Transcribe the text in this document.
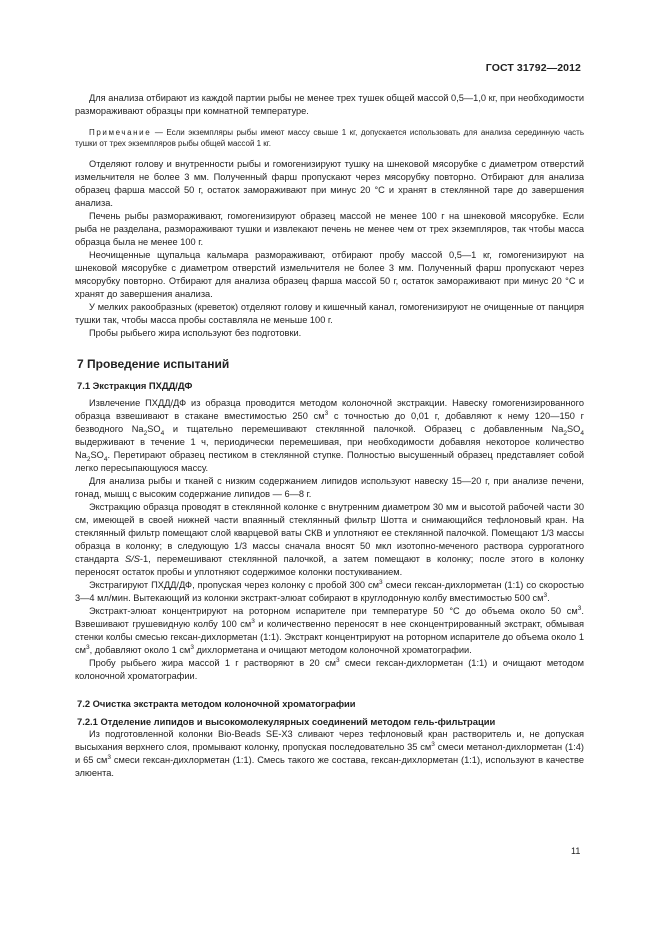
ГОСТ 31792—2012

Для анализа отбирают из каждой партии рыбы не менее трех тушек общей массой 0,5—1,0 кг, при необходимости размораживают образцы при комнатной температуре.

Примечание — Если экземпляры рыбы имеют массу свыше 1 кг, допускается использовать для анализа серединную часть тушки от трех экземпляров рыбы общей массой 1 кг.

Отделяют голову и внутренности рыбы и гомогенизируют тушку на шнековой мясорубке с диаметром отверстий измельчителя не более 3 мм. Полученный фарш пропускают через мясорубку повторно. Отбирают для анализа образец фарша массой 50 г, остаток замораживают при минус 20 °С и хранят в стеклянной таре до завершения анализа.

Печень рыбы размораживают, гомогенизируют образец массой не менее 100 г на шнековой мясорубке. Если рыба не разделана, размораживают тушки и извлекают печень не менее чем от трех экземпляров, так чтобы масса образца была не менее 100 г.

Неочищенные щупальца кальмара размораживают, отбирают пробу массой 0,5—1 кг, гомогенизируют на шнековой мясорубке с диаметром отверстий измельчителя не более 3 мм. Полученный фарш пропускают через мясорубку повторно. Отбирают для анализа образец фарша массой 50 г, остаток замораживают при минус 20 °С и хранят до завершения анализа.

У мелких ракообразных (креветок) отделяют голову и кишечный канал, гомогенизируют не очищенные от панциря тушки так, чтобы масса пробы составляла не меньше 100 г.

Пробы рыбьего жира используют без подготовки.

7 Проведение испытаний
7.1 Экстракция ПХДД/ДФ

Извлечение ПХДД/ДФ из образца проводится методом колоночной экстракции. Навеску гомогенизированного образца взвешивают в стакане вместимостью 250 $см^3$ с точностью до 0,01 г, добавляют к нему 120—150 г безводного $Na_2SO_4$ и тщательно перемешивают стеклянной палочкой. Образец с добавленным $Na_2SO_4$ выдерживают в течение 1 ч, периодически перемешивая, при необходимости добавляя некоторое количество $Na_2SO_4$. Перетирают образец пестиком в стеклянной ступке. Полностью высушенный образец представляет собой легко пересыпающуюся массу.

Для анализа рыбы и тканей с низким содержанием липидов используют навеску 15—20 г, при анализе печени, гонад, мышц с высоким содержание липидов — 6—8 г.

Экстракцию образца проводят в стеклянной колонке с внутренним диаметром 30 мм и высотой рабочей части 30 см, имеющей в своей нижней части впаянный стеклянный фильтр Шотта и снимающийся тефлоновый кран. На стеклянный фильтр помещают слой кварцевой ваты СКВ и уплотняют ее стеклянной палочкой. Помещают 1/3 массы образца в колонку; в следующую 1/3 массы сначала вносят 50 мкл изотопно-меченого раствора суррогатного стандарта S/S-1, перемешивают стеклянной палочкой, а затем помещают в колонку; после этого в колонку переносят остаток пробы и уплотняют содержимое колонки постукиванием.

Экстрагируют ПХДД/ДФ, пропуская через колонку с пробой 300 $см^3$ смеси гексан-дихлорметан (1:1) со скоростью 3—4 мл/мин. Вытекающий из колонки экстракт-элюат собирают в круглодонную колбу вместимостью 500 $см^3$.

Экстракт-элюат концентрируют на роторном испарителе при температуре 50 °С до объема около 50 $см^3$. Взвешивают грушевидную колбу 100 $см^3$ и количественно переносят в нее сконцентрированный экстракт, обмывая стенки колбы смесью гексан-дихлорметан (1:1). Экстракт концентрируют на роторном испарителе до объема около 1 $см^3$, добавляют около 1 $см^3$ дихлорметана и очищают методом колоночной хроматографии.

Пробу рыбьего жира массой 1 г растворяют в 20 $см^3$ смеси гексан-дихлорметан (1:1) и очищают методом колоночной хроматографии.

7.2 Очистка экстракта методом колоночной хроматографии
7.2.1 Отделение липидов и высокомолекулярных соединений методом гель-фильтрации

Из подготовленной колонки Bio-Beads SE-X3 сливают через тефлоновый кран растворитель и, не допуская высыхания верхнего слоя, промывают колонку, пропуская последовательно 35 $см^3$ смеси метанол-дихлорметан (1:4) и 65 $см^3$ смеси гексан-дихлорметан (1:1). Смесь такого же состава, гексан-дихлорметан (1:1), используют в качестве элюента.

11
